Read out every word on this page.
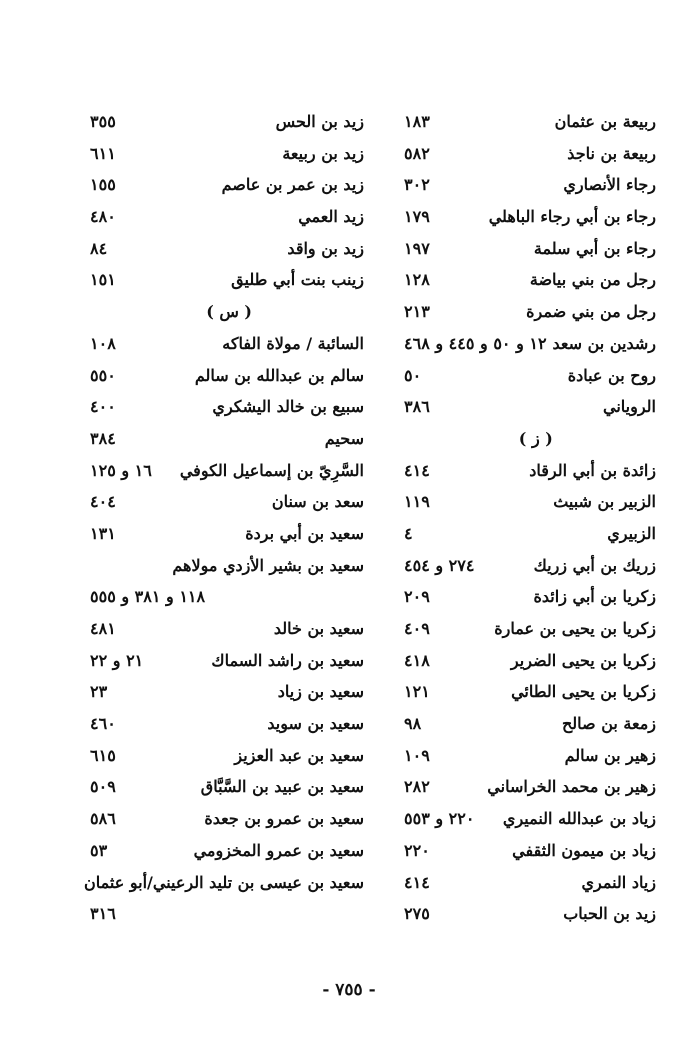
ربيعة بن عثمان
١٨٣
ربيعة بن ناجذ
٥٨٢
رجاء الأنصاري
٣٠٢
رجاء بن أبي رجاء الباهلي
١٧٩
رجاء بن أبي سلمة
١٩٧
رجل من بني بياضة
١٢٨
رجل من بني ضمرة
٢١٣
رشدين بن سعد
١٢ و ٥٠ و ٤٤٥ و ٤٦٨
روح بن عبادة
٥٠
الروياني
٣٨٦
( ز )
زائدة بن أبي الرقاد
٤١٤
الزبير بن شبيث
١١٩
الزبيري
٤
زريك بن أبي زريك
٢٧٤ و ٤٥٤
زكريا بن أبي زائدة
٢٠٩
زكريا بن يحيى بن عمارة
٤٠٩
زكريا بن يحيى الضرير
٤١٨
زكريا بن يحيى الطائي
١٢١
زمعة بن صالح
٩٨
زهير بن سالم
١٠٩
زهير بن محمد الخراساني
٢٨٢
زياد بن عبدالله النميري
٢٢٠ و ٥٥٣
زياد بن ميمون الثقفي
٢٢٠
زياد النمري
٤١٤
زيد بن الحباب
٢٧٥
زيد بن الحس
٣٥٥
زيد بن ربيعة
٦١١
زيد بن عمر بن عاصم
١٥٥
زيد العمي
٤٨٠
زيد بن واقد
٨٤
زينب بنت أبي طليق
١٥١
( س )
السائبة / مولاة الفاكه
١٠٨
سالم بن عبدالله بن سالم
٥٥٠
سبيع بن خالد اليشكري
٤٠٠
سحيم
٣٨٤
السَّرِيّ بن إسماعيل الكوفي
١٦ و ١٢٥
سعد بن سنان
٤٠٤
سعيد بن أبي بردة
١٣١
سعيد بن بشير الأزدي مولاهم
١١٨ و ٣٨١ و ٥٥٥
سعيد بن خالد
٤٨١
سعيد بن راشد السماك
٢١ و ٢٢
سعيد بن زياد
٢٣
سعيد بن سويد
٤٦٠
سعيد بن عبد العزيز
٦١٥
سعيد بن عبيد بن السَّبَّاق
٥٠٩
سعيد بن عمرو بن جعدة
٥٨٦
سعيد بن عمرو المخزومي
٥٣
سعيد بن عيسى بن تليد الرعيني/أبو عثمان
٣١٦
- ٧٥٥ -
